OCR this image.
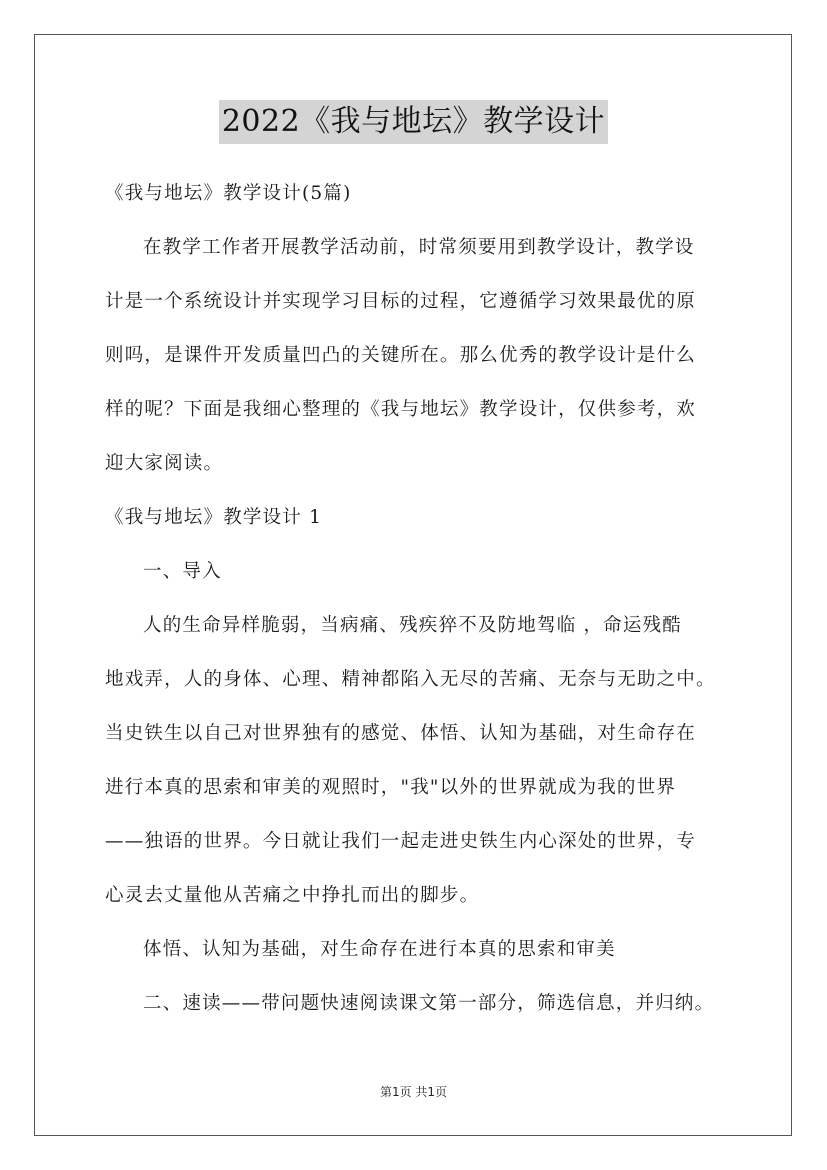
2022《我与地坛》教学设计
《我与地坛》教学设计(5篇)
在教学工作者开展教学活动前，时常须要用到教学设计，教学设
计是一个系统设计并实现学习目标的过程，它遵循学习效果最优的原
则吗，是课件开发质量凹凸的关键所在。那么优秀的教学设计是什么
样的呢？下面是我细心整理的《我与地坛》教学设计，仅供参考，欢
迎大家阅读。
《我与地坛》教学设计 1
一、导入
人的生命异样脆弱，当病痛、残疾猝不及防地驾临 ，命运残酷
地戏弄，人的身体、心理、精神都陷入无尽的苦痛、无奈与无助之中。
当史铁生以自己对世界独有的感觉、体悟、认知为基础，对生命存在
进行本真的思索和审美的观照时，"我"以外的世界就成为我的世界
——独语的世界。今日就让我们一起走进史铁生内心深处的世界，专
心灵去丈量他从苦痛之中挣扎而出的脚步。
体悟、认知为基础，对生命存在进行本真的思索和审美
二、速读——带问题快速阅读课文第一部分，筛选信息，并归纳。
第1页 共1页
